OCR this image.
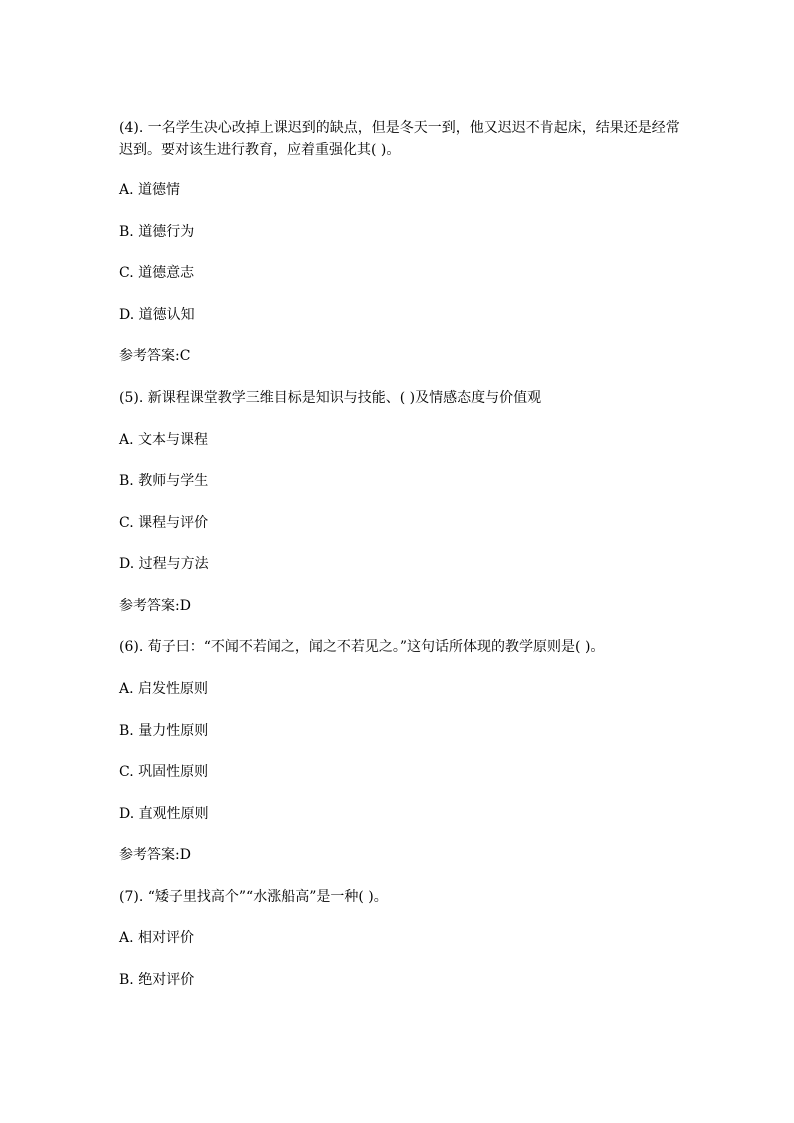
(4). 一名学生决心改掉上课迟到的缺点，但是冬天一到，他又迟迟不肯起床，结果还是经常迟到。要对该生进行教育，应着重强化其( )。
A. 道德情
B. 道德行为
C. 道德意志
D. 道德认知
参考答案:C
(5). 新课程课堂教学三维目标是知识与技能、( )及情感态度与价值观
A. 文本与课程
B. 教师与学生
C. 课程与评价
D. 过程与方法
参考答案:D
(6). 荀子曰：“不闻不若闻之，闻之不若见之。”这句话所体现的教学原则是( )。
A. 启发性原则
B. 量力性原则
C. 巩固性原则
D. 直观性原则
参考答案:D
(7). “矮子里找高个”“水涨船高”是一种( )。
A. 相对评价
B. 绝对评价
